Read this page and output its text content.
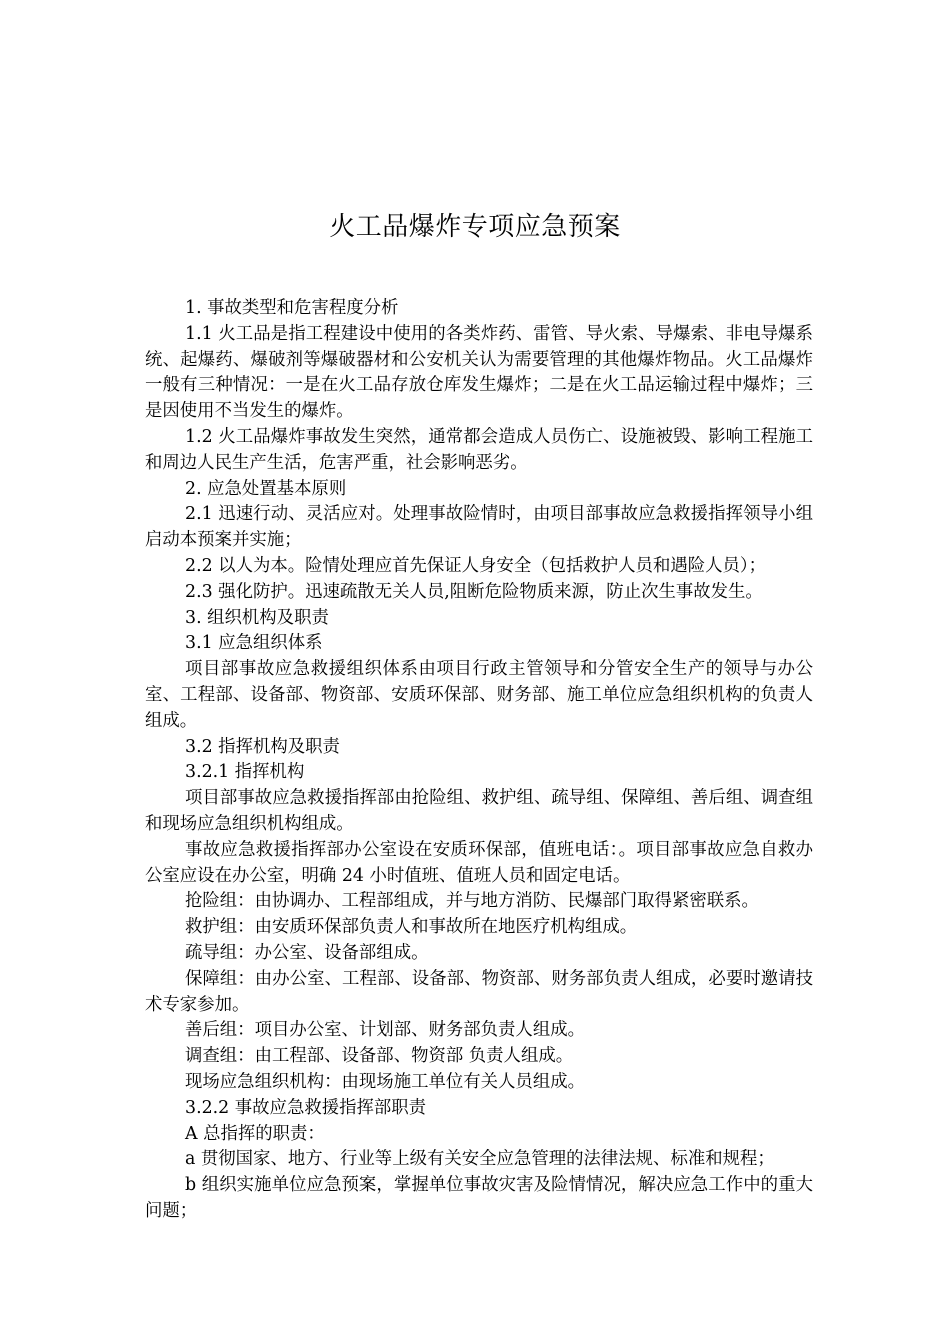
火工品爆炸专项应急预案

1. 事故类型和危害程度分析

1.1 火工品是指工程建设中使用的各类炸药、雷管、导火索、导爆索、非电导爆系统、起爆药、爆破剂等爆破器材和公安机关认为需要管理的其他爆炸物品。火工品爆炸一般有三种情况：一是在火工品存放仓库发生爆炸；二是在火工品运输过程中爆炸；三是因使用不当发生的爆炸。

1.2 火工品爆炸事故发生突然，通常都会造成人员伤亡、设施被毁、影响工程施工和周边人民生产生活，危害严重，社会影响恶劣。

2. 应急处置基本原则

2.1 迅速行动、灵活应对。处理事故险情时，由项目部事故应急救援指挥领导小组启动本预案并实施；

2.2 以人为本。险情处理应首先保证人身安全（包括救护人员和遇险人员）；

2.3 强化防护。迅速疏散无关人员,阻断危险物质来源，防止次生事故发生。

3. 组织机构及职责

3.1 应急组织体系

项目部事故应急救援组织体系由项目行政主管领导和分管安全生产的领导与办公室、工程部、设备部、物资部、安质环保部、财务部、施工单位应急组织机构的负责人组成。

3.2 指挥机构及职责

3.2.1 指挥机构

项目部事故应急救援指挥部由抢险组、救护组、疏导组、保障组、善后组、调查组和现场应急组织机构组成。

事故应急救援指挥部办公室设在安质环保部，值班电话：。项目部事故应急自救办公室应设在办公室，明确 24 小时值班、值班人员和固定电话。

抢险组：由协调办、工程部组成，并与地方消防、民爆部门取得紧密联系。

救护组：由安质环保部负责人和事故所在地医疗机构组成。

疏导组：办公室、设备部组成。

保障组：由办公室、工程部、设备部、物资部、财务部负责人组成，必要时邀请技术专家参加。

善后组：项目办公室、计划部、财务部负责人组成。

调查组：由工程部、设备部、物资部 负责人组成。

现场应急组织机构：由现场施工单位有关人员组成。

3.2.2 事故应急救援指挥部职责

A 总指挥的职责：

a 贯彻国家、地方、行业等上级有关安全应急管理的法律法规、标准和规程；

b 组织实施单位应急预案，掌握单位事故灾害及险情情况，解决应急工作中的重大问题；
